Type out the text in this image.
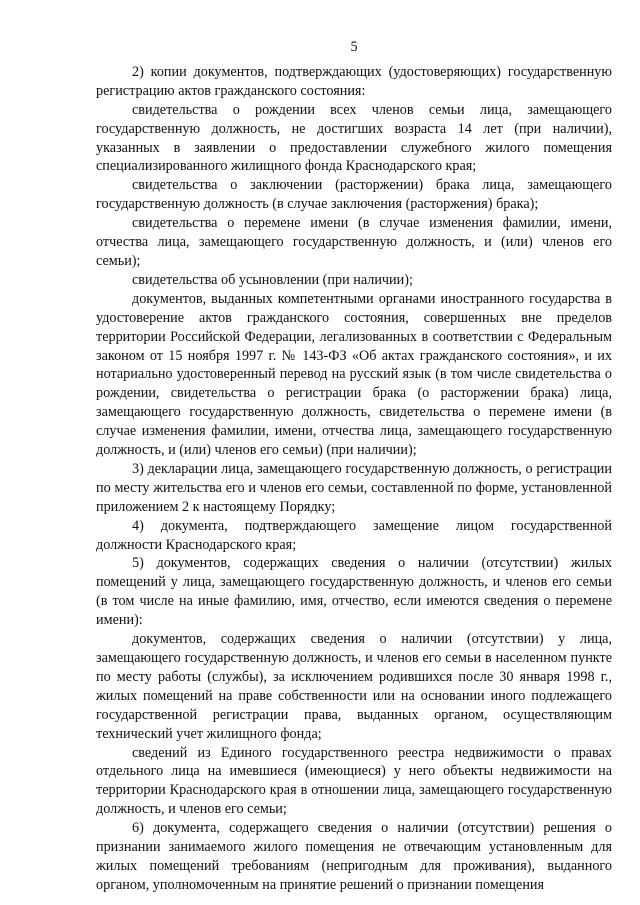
5

2) копии документов, подтверждающих (удостоверяющих) государственную регистрацию актов гражданского состояния:

свидетельства о рождении всех членов семьи лица, замещающего государственную должность, не достигших возраста 14 лет (при наличии), указанных в заявлении о предоставлении служебного жилого помещения специализированного жилищного фонда Краснодарского края;

свидетельства о заключении (расторжении) брака лица, замещающего государственную должность (в случае заключения (расторжения) брака);

свидетельства о перемене имени (в случае изменения фамилии, имени, отчества лица, замещающего государственную должность, и (или) членов его семьи);

свидетельства об усыновлении (при наличии);

документов, выданных компетентными органами иностранного государства в удостоверение актов гражданского состояния, совершенных вне пределов территории Российской Федерации, легализованных в соответствии с Федеральным законом от 15 ноября 1997 г. № 143-ФЗ «Об актах гражданского состояния», и их нотариально удостоверенный перевод на русский язык (в том числе свидетельства о рождении, свидетельства о регистрации брака (о расторжении брака) лица, замещающего государственную должность, свидетельства о перемене имени (в случае изменения фамилии, имени, отчества лица, замещающего государственную должность, и (или) членов его семьи) (при наличии);

3) декларации лица, замещающего государственную должность, о регистрации по месту жительства его и членов его семьи, составленной по форме, установленной приложением 2 к настоящему Порядку;

4) документа, подтверждающего замещение лицом государственной должности Краснодарского края;

5) документов, содержащих сведения о наличии (отсутствии) жилых помещений у лица, замещающего государственную должность, и членов его семьи (в том числе на иные фамилию, имя, отчество, если имеются сведения о перемене имени):

документов, содержащих сведения о наличии (отсутствии) у лица, замещающего государственную должность, и членов его семьи в населенном пункте по месту работы (службы), за исключением родившихся после 30 января 1998 г., жилых помещений на праве собственности или на основании иного подлежащего государственной регистрации права, выданных органом, осуществляющим технический учет жилищного фонда;

сведений из Единого государственного реестра недвижимости о правах отдельного лица на имевшиеся (имеющиеся) у него объекты недвижимости на территории Краснодарского края в отношении лица, замещающего государственную должность, и членов его семьи;

6) документа, содержащего сведения о наличии (отсутствии) решения о признании занимаемого жилого помещения не отвечающим установленным для жилых помещений требованиям (непригодным для проживания), выданного органом, уполномоченным на принятие решений о признании помещения
